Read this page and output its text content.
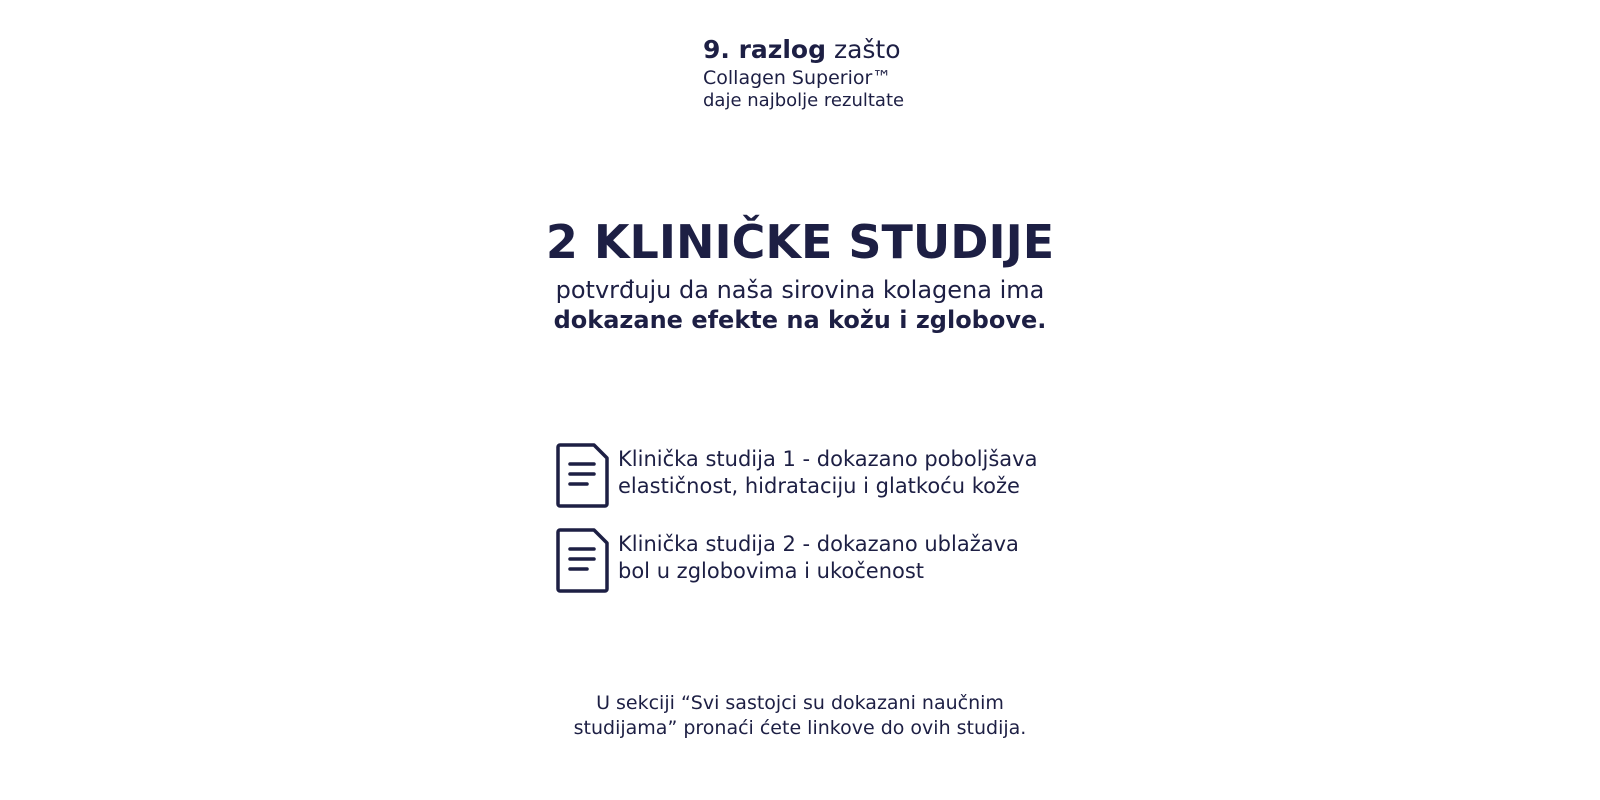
9. razlog zašto
Collagen Superior™
daje najbolje rezultate
2 KLINIČKE STUDIJE
potvrđuju da naša sirovina kolagena ima
dokazane efekte na kožu i zglobove.
Klinička studija 1 - dokazano poboljšava
elastičnost, hidrataciju i glatkoću kože
Klinička studija 2 - dokazano ublažava
bol u zglobovima i ukočenost
U sekciji “Svi sastojci su dokazani naučnim
studijama” pronaći ćete linkove do ovih studija.
